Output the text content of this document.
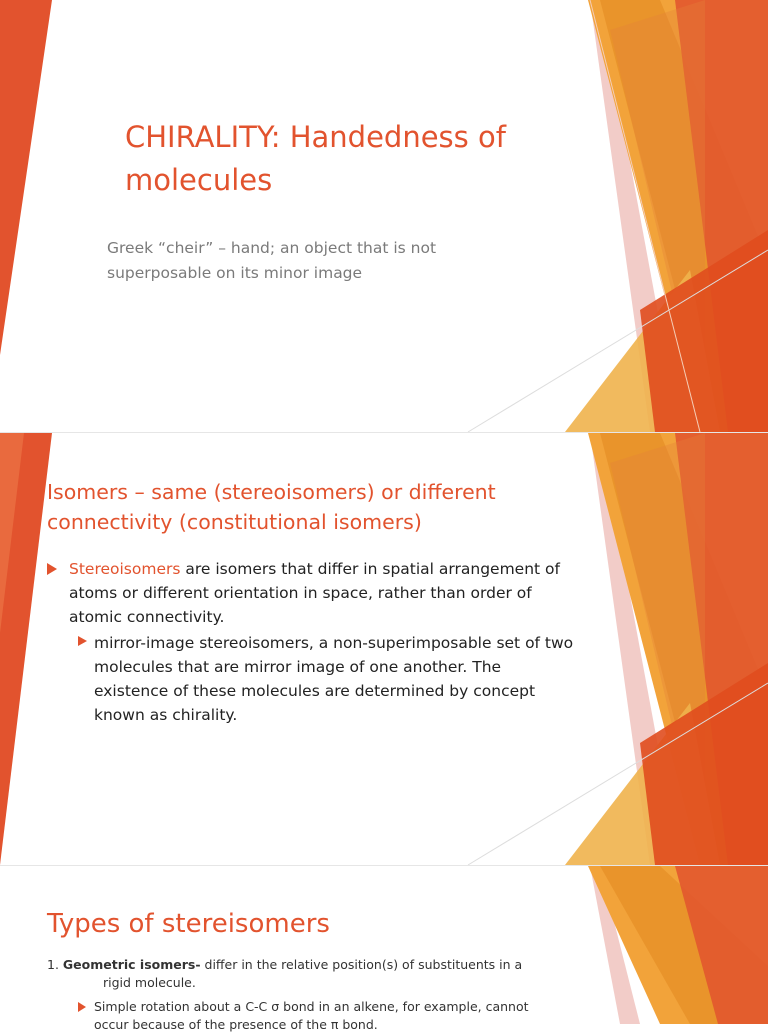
CHIRALITY: Handedness of molecules
Greek “cheir” – hand; an object that is not superposable on its minor image
Isomers – same (stereoisomers) or different connectivity (constitutional isomers)
Stereoisomers are isomers that differ in spatial arrangement of atoms or different orientation in space, rather than order of atomic connectivity.
mirror-image stereoisomers, a non-superimposable set of two molecules that are mirror image of one another. The existence of these molecules are determined by concept known as chirality.
Types of stereisomers
1. Geometric isomers- differ in the relative position(s) of substituents in a
rigid molecule.
Simple rotation about a C-C σ bond in an alkene, for example, cannot occur because of the presence of the π bond.
